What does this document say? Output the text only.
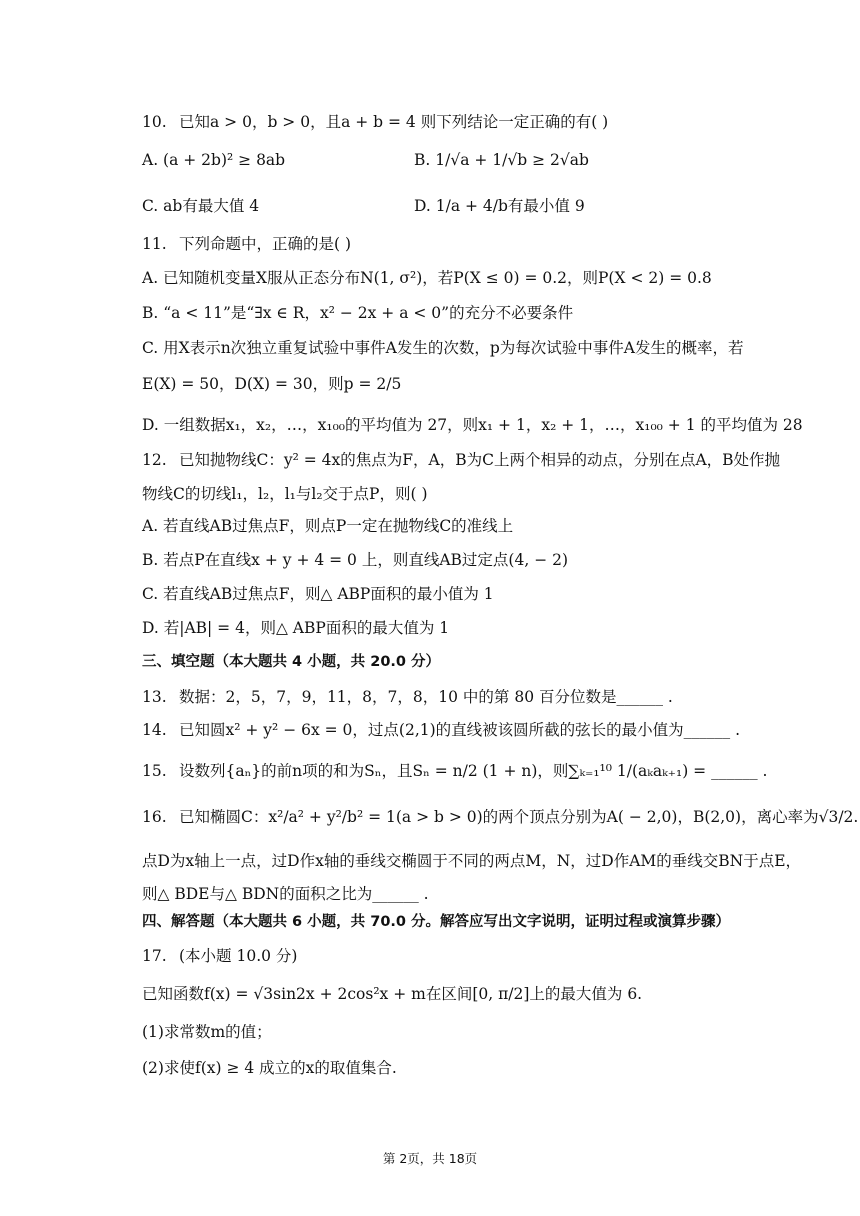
10. 已知a > 0，b > 0，且a + b = 4 则下列结论一定正确的有( )
A. (a + 2b)² ≥ 8ab	B. 1/√a + 1/√b ≥ 2√ab
C. ab有最大值 4	D. 1/a + 4/b有最小值 9
11. 下列命题中，正确的是( )
A. 已知随机变量X服从正态分布N(1, σ²)，若P(X ≤ 0) = 0.2，则P(X < 2) = 0.8
B. “a < 11”是“∃x ∈ R，x² − 2x + a < 0”的充分不必要条件
C. 用X表示n次独立重复试验中事件A发生的次数，p为每次试验中事件A发生的概率，若
E(X) = 50，D(X) = 30，则p = 2/5
D. 一组数据x₁，x₂，…，x₁₀₀的平均值为 27，则x₁ + 1，x₂ + 1，…，x₁₀₀ + 1 的平均值为 28
12. 已知抛物线C：y² = 4x的焦点为F，A，B为C上两个相异的动点，分别在点A，B处作抛
物线C的切线l₁，l₂，l₁与l₂交于点P，则( )
A. 若直线AB过焦点F，则点P一定在抛物线C的准线上
B. 若点P在直线x + y + 4 = 0 上，则直线AB过定点(4, − 2)
C. 若直线AB过焦点F，则△ ABP面积的最小值为 1
D. 若|AB| = 4，则△ ABP面积的最大值为 1
三、填空题（本大题共 4 小题，共 20.0 分）
13. 数据：2，5，7，9，11，8，7，8，10 中的第 80 百分位数是______ .
14. 已知圆x² + y² − 6x = 0，过点(2,1)的直线被该圆所截的弦长的最小值为______ .
15. 设数列{aₙ}的前n项的和为Sₙ，且Sₙ = n/2 (1 + n)，则∑ₖ₌₁¹⁰ 1/(aₖaₖ₊₁) = ______ .
16. 已知椭圆C：x²/a² + y²/b² = 1(a > b > 0)的两个顶点分别为A( − 2,0)，B(2,0)，离心率为√3/2.
点D为x轴上一点，过D作x轴的垂线交椭圆于不同的两点M，N，过D作AM的垂线交BN于点E，
则△ BDE与△ BDN的面积之比为______ .
四、解答题（本大题共 6 小题，共 70.0 分。解答应写出文字说明，证明过程或演算步骤）
17. (本小题 10.0 分)
已知函数f(x) = √3sin2x + 2cos²x + m在区间[0, π/2]上的最大值为 6.
(1)求常数m的值；
(2)求使f(x) ≥ 4 成立的x的取值集合.
第 2页，共 18页
